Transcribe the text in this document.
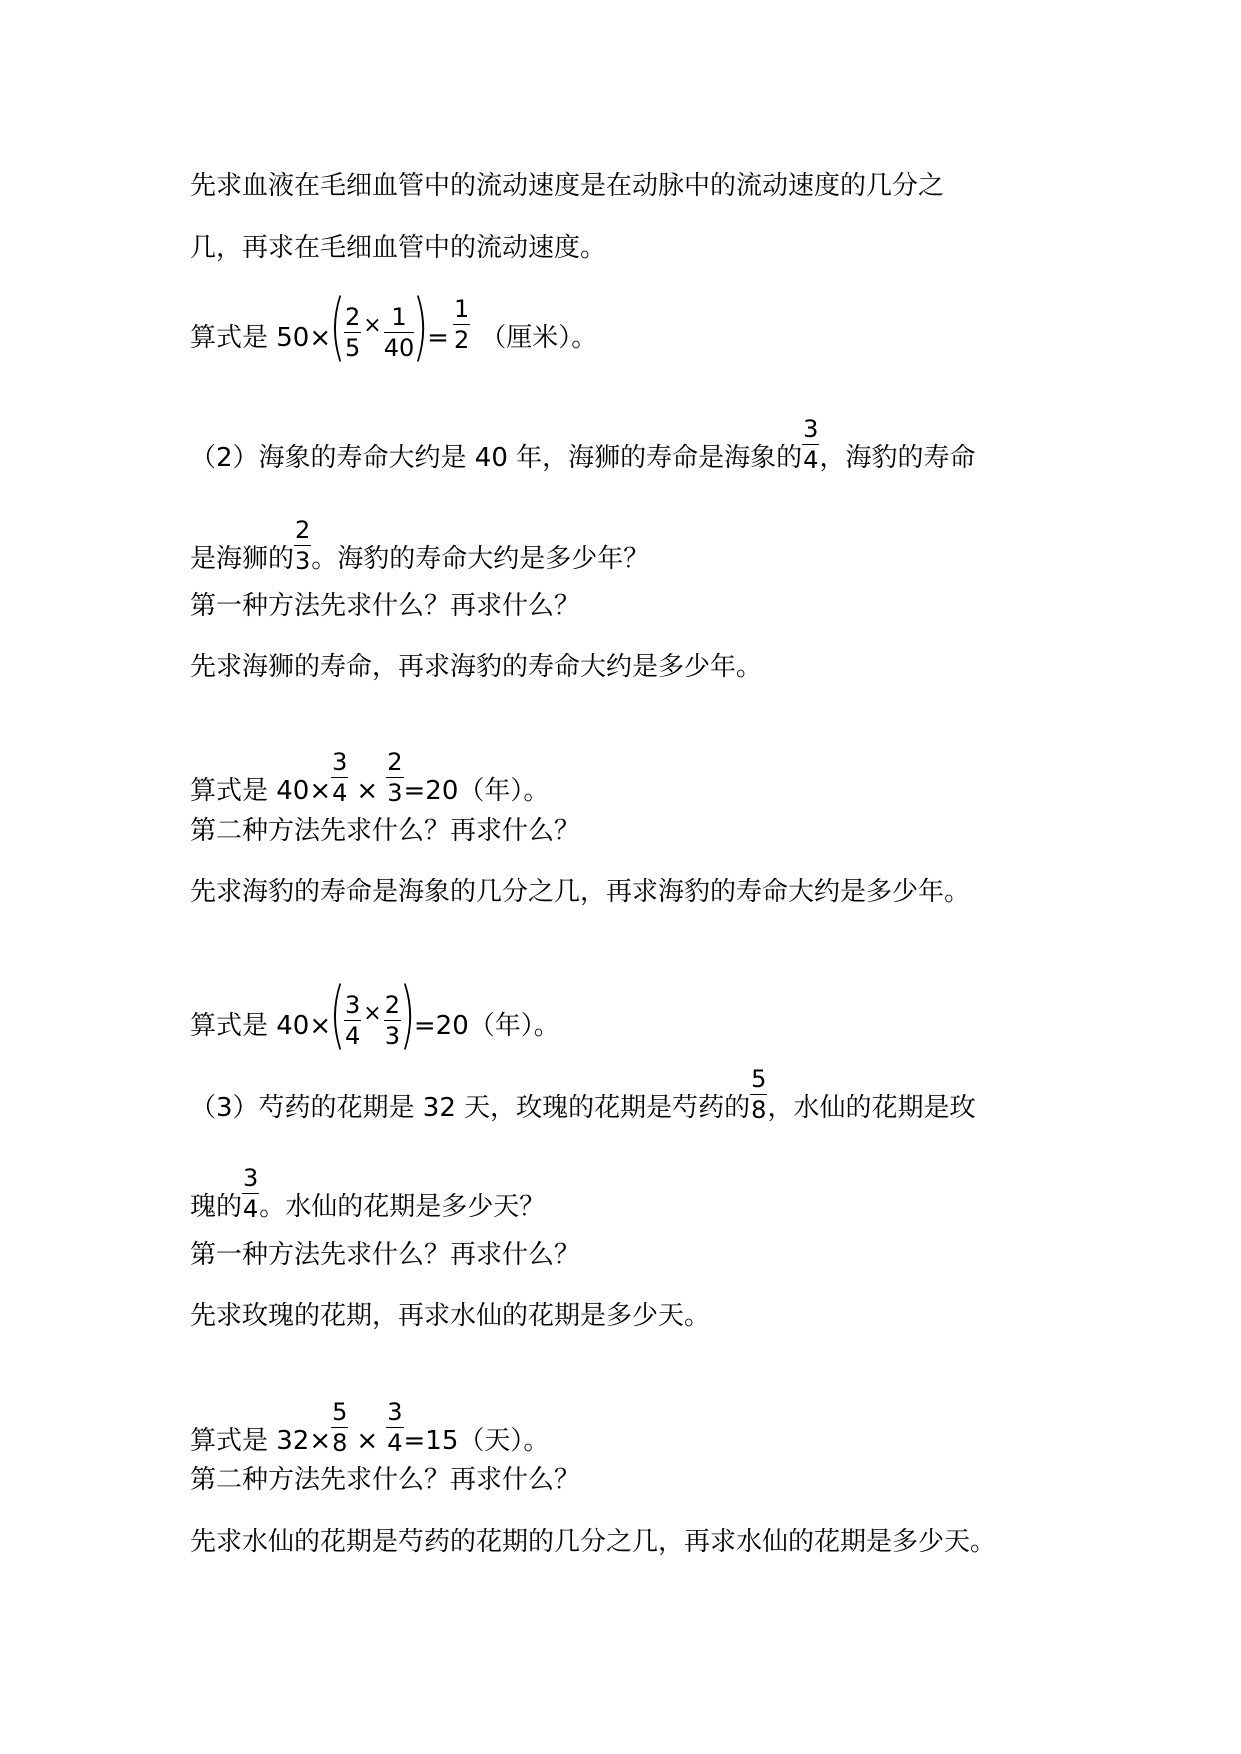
先求血液在毛细血管中的流动速度是在动脉中的流动速度的几分之
几，再求在毛细血管中的流动速度。
算式是 50×(
$\frac{2}{5} ^\times \frac{1}{40}$
)= $\frac{1}{2}$ （厘米）。
（2）海象的寿命大约是 40 年，海狮的寿命是海象的 $\frac{3}{4}$ ，海豹的寿命
是海狮的 $\frac{2}{3}$ 。海豹的寿命大约是多少年？
第一种方法先求什么？再求什么？
先求海狮的寿命，再求海豹的寿命大约是多少年。
算式是 $40\times \frac{3}{4} \times \frac{2}{3} =20$（年）。
第二种方法先求什么？再求什么？
先求海豹的寿命是海象的几分之几，再求海豹的寿命大约是多少年。
算式是 40×(
$\frac{3}{4} ^\times \frac{2}{3}$
)=20（年）。
（3）芍药的花期是 32 天，玫瑰的花期是芍药的 $\frac{5}{8}$ ，水仙的花期是玫
瑰的 $\frac{3}{4}$ 。水仙的花期是多少天？
第一种方法先求什么？再求什么？
先求玫瑰的花期，再求水仙的花期是多少天。
算式是 $32\times \frac{5}{8} \times \frac{3}{4} =15$（天）。
第二种方法先求什么？再求什么？
先求水仙的花期是芍药的花期的几分之几，再求水仙的花期是多少天。
